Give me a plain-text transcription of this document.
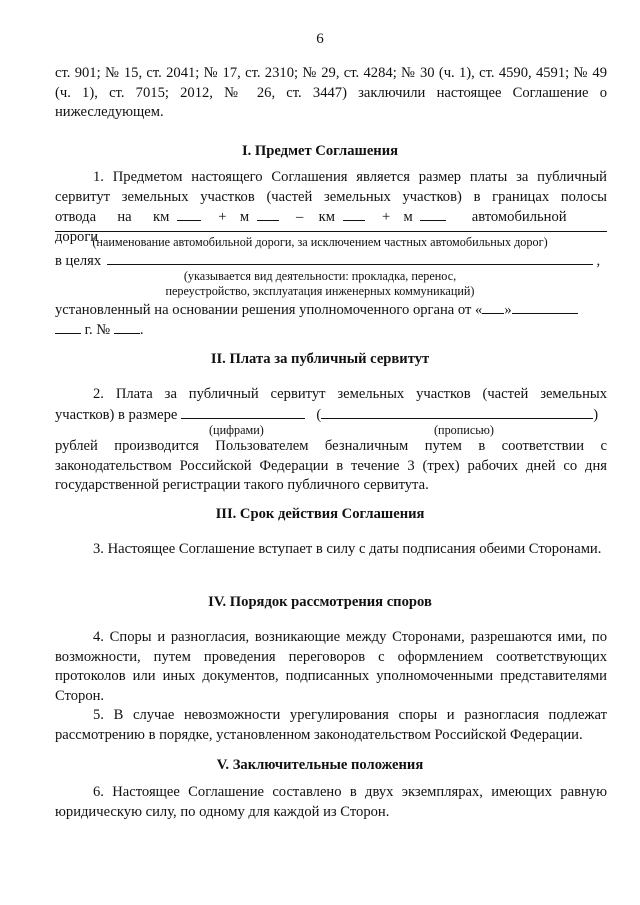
6

ст. 901; № 15, ст. 2041; № 17, ст. 2310; № 29, ст. 4284; № 30 (ч. 1), ст. 4590, 4591; № 49 (ч. 1), ст. 7015; 2012, № 26, ст. 3447) заключили настоящее Соглашение о нижеследующем.

I. Предмет Соглашения

1. Предметом настоящего Соглашения является размер платы за публичный

сервитут земельных участков (частей земельных участков) в границах полосы

отвода на км	+ м	– км	+ м	автомобильной дороги

(наименование автомобильной дороги, за исключением частных автомобильных дорог)

в целях	,

(указывается вид деятельности: прокладка, перенос,

переустройство, эксплуатация инженерных коммуникаций)

установленный на основании решения уполномоченного органа от « »
г. № .

II. Плата за публичный сервитут

2. Плата за публичный сервитут земельных участков (частей земельных

участков) в размере	(	)
(цифрами)	(прописью)

рублей производится Пользователем безналичным путем в соответствии с законодательством Российской Федерации в течение 3 (трех) рабочих дней со дня государственной регистрации такого публичного сервитута.

III. Срок действия Соглашения

3. Настоящее Соглашение вступает в силу с даты подписания обеими Сторонами.

IV. Порядок рассмотрения споров

4. Споры и разногласия, возникающие между Сторонами, разрешаются ими, по возможности, путем проведения переговоров с оформлением соответствующих протоколов или иных документов, подписанных уполномоченными представителями Сторон.

5. В случае невозможности урегулирования споры и разногласия подлежат рассмотрению в порядке, установленном законодательством Российской Федерации.

V. Заключительные положения

6. Настоящее Соглашение составлено в двух экземплярах, имеющих равную юридическую силу, по одному для каждой из Сторон.
